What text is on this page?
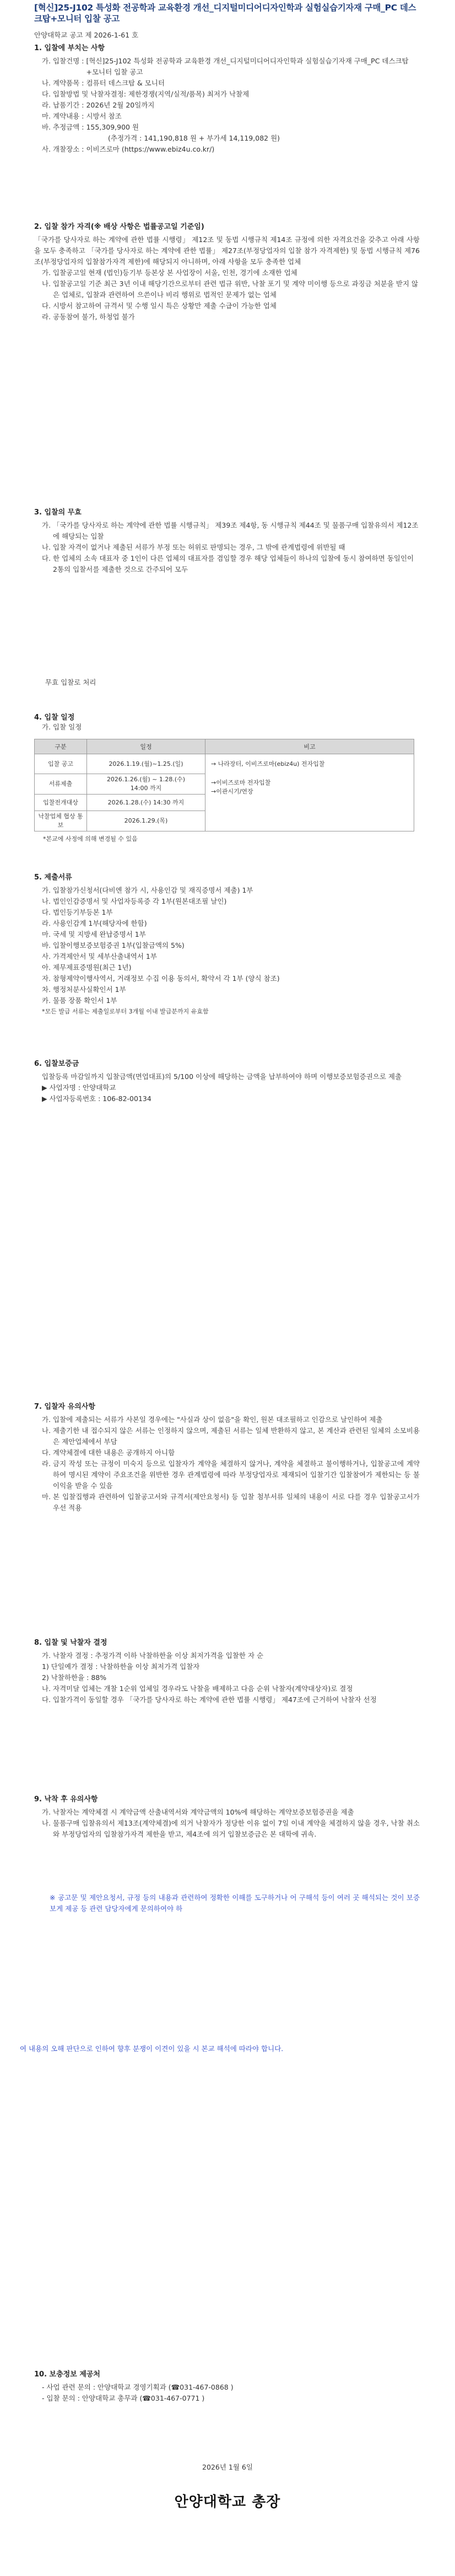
[혁신]25-J102 특성화 전공학과 교육환경 개선_디지털미디어디자인학과 실험실습기자재 구매_PC 데스크탑+모니터 입찰 공고

안양대학교 공고 제 2026-1-61 호

1. 입찰에 부치는 사항

가. 입찰건명 : [혁신]25-J102 특성화 전공학과 교육환경 개선_디지털미디어디자인학과 실험실습기자재 구매_PC 데스크탑+모니터 입찰 공고
나. 계약품목 : 컴퓨터 데스크탑 & 모니터
다. 입찰방법 및 낙찰자결정: 제한경쟁(지역/실적/품목) 최저가 낙찰제
라. 납품기간 : 2026년 2월 20일까지
마. 계약내용 : 시방서 참조
바. 추정금액 : 155,309,900 원
(추정가격 : 141,190,818 원 + 부가세 14,119,082 원)
사. 개찰장소 : 이비즈로마 (https://www.ebiz4u.co.kr/)

2. 입찰 참가 자격(※ 배상 사항은 법률공고일 기준임)

「국가를 당사자로 하는 계약에 관한 법률 시행령」 제12조 및 동법 시행규칙 제14조 규정에 의한 자격요건을 갖추고 아래 사항을 모두 충족하고 「국가를 당사자로 하는 계약에 관한 법률」 제27조(부정당업자의 입찰 참가 자격제한) 및 동법 시행규칙 제76조(부정당업자의 입찰참가자격 제한)에 해당되지 아니하며, 아래 사항을 모두 충족한 업체

가. 입찰공고일 현재 (법인)등기부 등본상 본 사업장이 서울, 인천, 경기에 소재한 업체
나. 입찰공고일 기준 최근 3년 이내 해당기간으로부터 관련 법규 위반, 낙찰 포기 및 계약 미이행 등으로 과징금 처분을 받지 않은 업체로, 입찰과 관련하여 으쓴이나 비리 행위로 법적인 문제가 없는 업체
다. 시방서 참고하여 규격서 및 수행 일시 특은 상황만 제출 수급이 가능한 업체
라. 공동참여 불가, 하청업 불가

3. 입찰의 무효

가. 「국가를 당사자로 하는 계약에 관한 법률 시행규칙」 제39조 제4항, 동 시행규칙 제44조 및 물품구매 입찰유의서 제12조에 해당되는 입찰
나. 입찰 자격이 없거나 제출된 서류가 부정 또는 허위로 판명되는 경우, 그 밖에 관계법령에 위반될 때
다. 한 업체의 소속 대표자 중 1인이 다른 업체의 대표자를 겸임할 경우 해당 업체들이 하나의 입찰에 동시 참여하면 동일인이 2통의 입찰서를 제출한 것으로 간주되어 모두

무효 입찰로 처리

4. 입찰 일정

가. 입찰 일정

구분	일정	비고
입찰 공고	2026.1.19.(월)~1.25.(일)	→ 나라장터, 이비즈로마(ebiz4u) 전자입찰
→이비즈로마 전자입찰
→이관시기/연장

서류제출	2026.1.26.(월) ~ 1.28.(수)
14:00 까지	

입찰전개대상	2026.1.28.(수) 14:30 까지	
낙찰업체 협상 통보	2026.1.29.(목)	

*본교에 사정에 의해 변경될 수 있음

5. 제출서류

가. 입찰참가신청서(다비엔 참가 시, 사용인감 및 재직증명서 제출) 1부

나. 법인인감증명서 및 사업자등록증 각 1부(원본대조필 날인)

다. 법인등기부등본 1부

라. 사용인감계 1부(해당자에 한함)

마. 국세 및 지방세 완납증명서 1부

바. 입찰이행보증보험증권 1부(입찰금액의 5%)

사. 가격제안서 및 세부산출내역서 1부

아. 제무제표증명원(최근 1년)

자. 참형제약이행사역서, 거래정보 수집 이용 동의서, 확약서 각 1부 (양식 참조)

차. 행정처분사실확인서 1부

카. 물품 장품 확인서 1부

*모든 발급 서류는 제출일로부터 3개월 이내 발급분까지 유효함

6. 입찰보증금

입찰등록 마감일까지 입찰금액(면업대표)의 5/100 이상에 해당하는 금액을 납부하여야 하며 이행보증보험증권으로 제출

▶ 사업자명 : 안양대학교

▶ 사업자등록번호 : 106-82-00134

7. 입찰자 유의사항

가. 입찰에 제출되는 서류가 사본일 경우에는 "사실과 상이 없음"을 확인, 원본 대조필하고 인감으로 날인하여 제출
나. 제출기한 내 접수되지 않은 서류는 인정하지 않으며, 제출된 서류는 일체 반환하지 않고, 본 계산과 관련된 일체의 소모비용은 제안업체에서 부담
다. 계약체결에 대한 내용은 공개하지 아니함
라. 금지 작성 또는 규정이 미숙지 등으로 입찰자가 계약을 체결하지 않거나, 계약을 체결하고 불이행하거나, 입찰공고에 계약하여 명시된 계약이 주요조건을 위반한 경우 관계법령에 따라 부정당업자로 제재되어 입찰기간 입찰참여가 제한되는 등 불이익을 받을 수 있음
마. 본 입찰집행과 관련하여 입찰공고서와 규격서(제안요청서) 등 입찰 첨부서류 일체의 내용이 서로 다를 경우 입찰공고서가 우선 적용

8. 입찰 및 낙찰자 결정

가. 낙찰자 결정 : 추정가격 이하 낙찰하한율 이상 최저가격을 입찰한 자 순

1) 단일예가 결정 : 낙찰하한율 이상 최저가격 입찰자

2) 낙찰하한율 : 88%

나. 자격미달 업체는 개찰 1순위 업체일 경우라도 낙찰을 배제하고 다음 순위 낙찰자(계약대상자)로 결정
다. 입찰가격이 동일할 경우 「국가를 당사자로 하는 계약에 관한 법률 시행령」 제47조에 근거하여 낙찰자 선정

9. 낙착 후 유의사항

가. 낙찰자는 계약체결 시 계약금액 산출내역서와 계약금액의 10%에 해당하는 계약보증보험증권을 제출
나. 물품구매 입찰유의서 제13조(계약체결)에 의거 낙찰자가 정당한 이유 없이 7일 이내 계약을 체결하지 않을 경우, 낙찰 취소와 부정당업자의 입찰참가자격 제한을 받고, 제4조에 의거 입찰보증금은 본 대학에 귀속.

※ 공고문 및 제안요청서, 규정 등의 내용과 관련하여 정확한 이해를 도구하거나 어 구해석 등이 여러 곳 해석되는 것이 보증보게 제공 등 관련 담당자에게 문의하여야 하

여 내용의 오해 판단으로 인하여 향후 분쟁이 이견이 있을 시 본교 해석에 따라야 합니다.

10. 보충정보 제공처

- 사업 관련 문의 : 안양대학교 경영기획과 (☎031-467-0868 )

- 입찰 문의 : 안양대학교 총무과 (☎031-467-0771 )

2026년 1월 6일

안양대학교 총장
